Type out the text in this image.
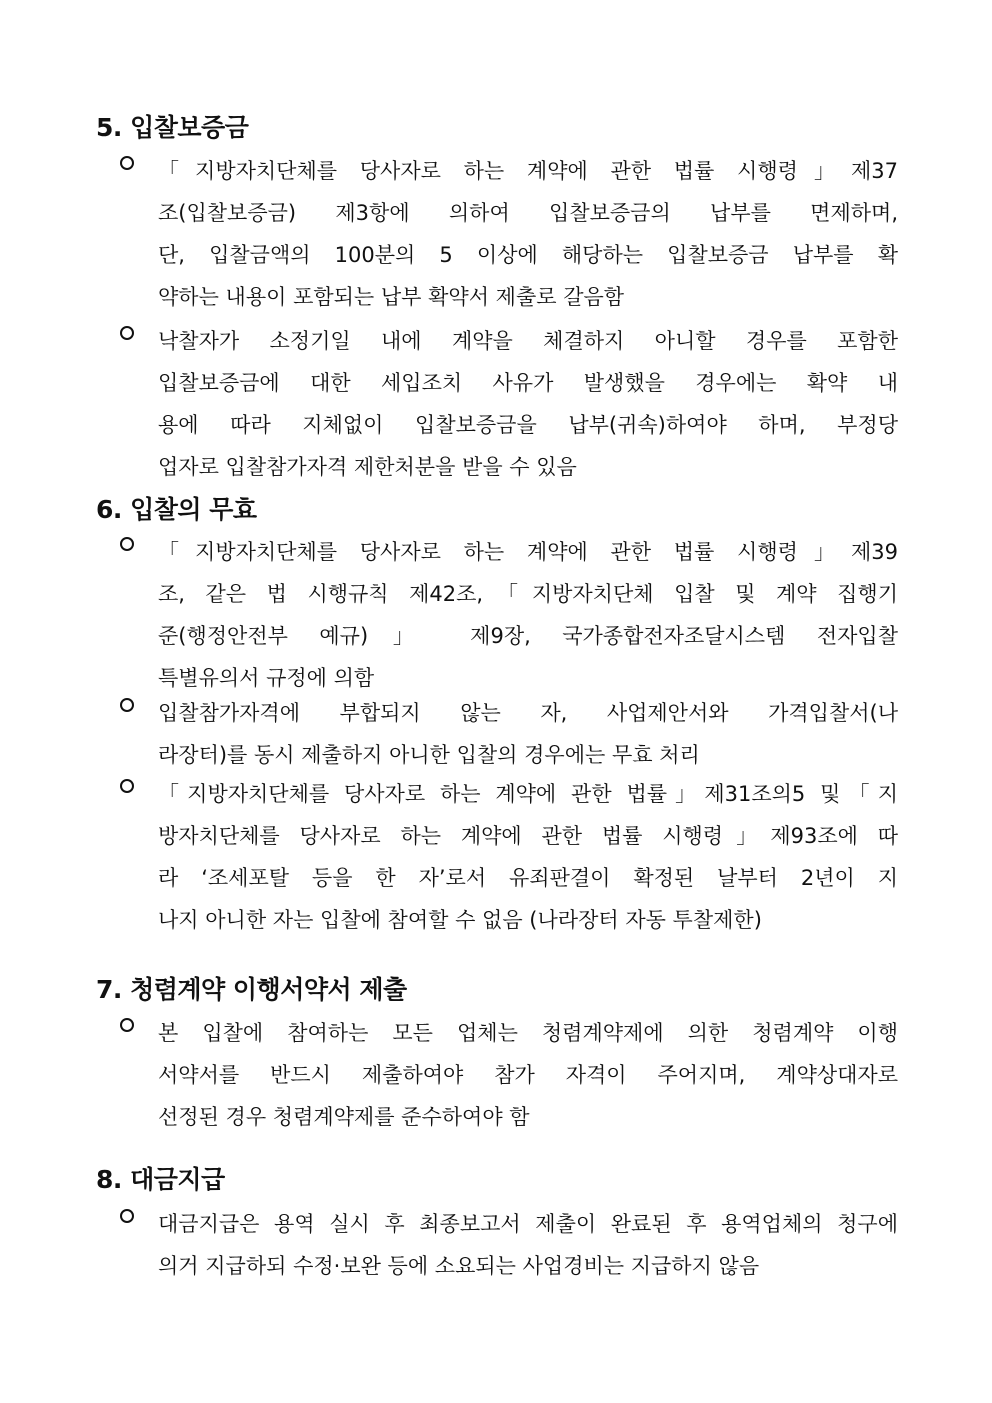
5. 입찰보증금
「지방자치단체를 당사자로 하는 계약에 관한 법률 시행령」제37
조(입찰보증금) 제3항에 의하여 입찰보증금의 납부를 면제하며,
단, 입찰금액의 100분의 5 이상에 해당하는 입찰보증금 납부를 확
약하는 내용이 포함되는 납부 확약서 제출로 갈음함
낙찰자가 소정기일 내에 계약을 체결하지 아니할 경우를 포함한
입찰보증금에 대한 세입조치 사유가 발생했을 경우에는 확약 내
용에 따라 지체없이 입찰보증금을 납부(귀속)하여야 하며, 부정당
업자로 입찰참가자격 제한처분을 받을 수 있음
6. 입찰의 무효
「지방자치단체를 당사자로 하는 계약에 관한 법률 시행령」제39
조, 같은 법 시행규칙 제42조,「지방자치단체 입찰 및 계약 집행기
준(행정안전부 예규)」 제9장, 국가종합전자조달시스템 전자입찰
특별유의서 규정에 의함
입찰참가자격에 부합되지 않는 자, 사업제안서와 가격입찰서(나
라장터)를 동시 제출하지 아니한 입찰의 경우에는 무효 처리
「지방자치단체를 당사자로 하는 계약에 관한 법률」제31조의5 및「지
방자치단체를 당사자로 하는 계약에 관한 법률 시행령」제93조에 따
라 ‘조세포탈 등을 한 자’로서 유죄판결이 확정된 날부터 2년이 지
나지 아니한 자는 입찰에 참여할 수 없음 (나라장터 자동 투찰제한)
7. 청렴계약 이행서약서 제출
본 입찰에 참여하는 모든 업체는 청렴계약제에 의한 청렴계약 이행
서약서를 반드시 제출하여야 참가 자격이 주어지며, 계약상대자로
선정된 경우 청렴계약제를 준수하여야 함
8. 대금지급
대금지급은 용역 실시 후 최종보고서 제출이 완료된 후 용역업체의 청구에
의거 지급하되 수정·보완 등에 소요되는 사업경비는 지급하지 않음
